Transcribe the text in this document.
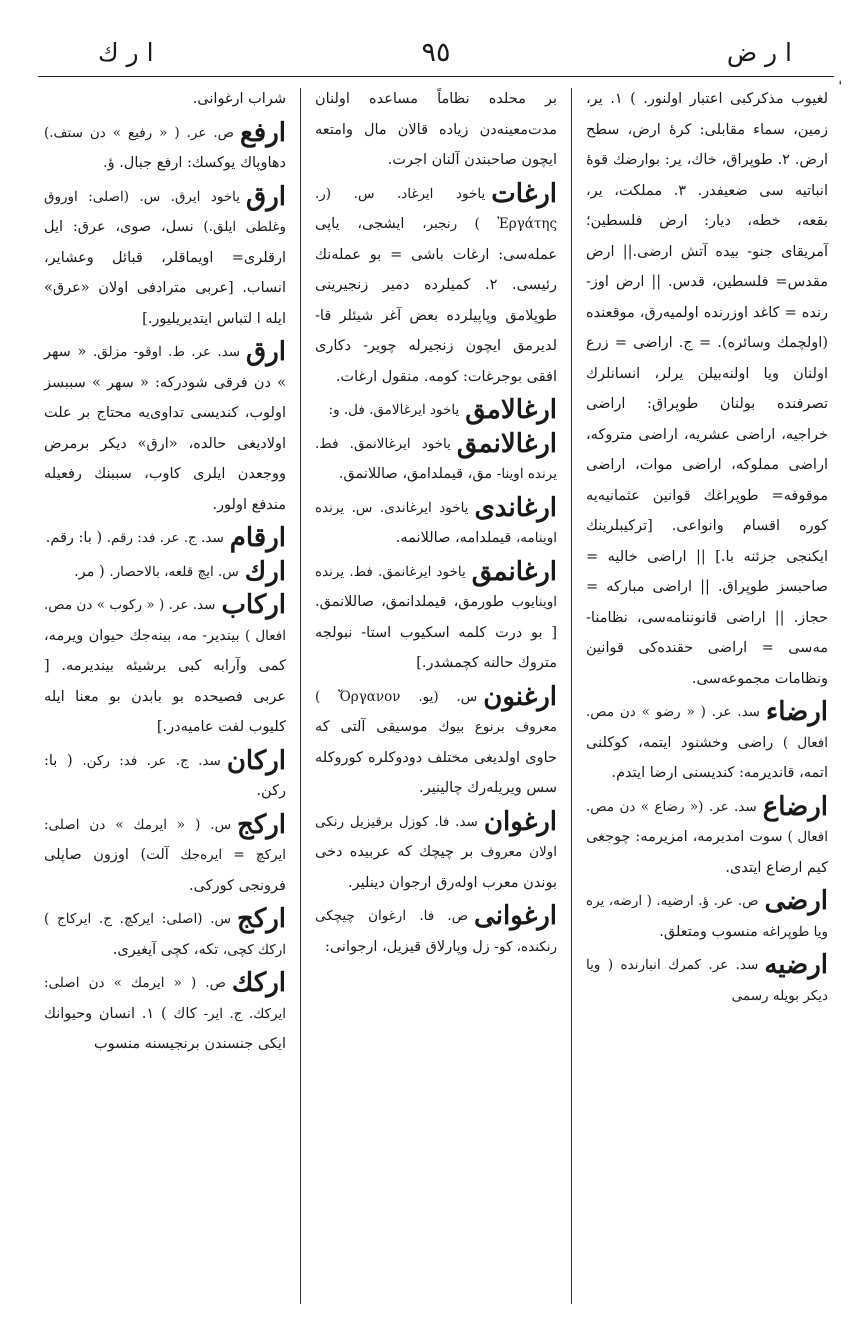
ا ر ض
٩٥
ا ر ك
ˈ
لغیوب مذکرکبی اعتبار اولنور. ) ١. یر، زمین، سماء مقابلی: کرهٔ ارض، سطح ارض. ٢. طوپراق، خاك، یر: بوارضك قوهٔ انباتیه سی ضعیفدر. ٣. مملکت، یر، بقعه، خطه، دیار: ارض فلسطین؛ آمریقای جنو- بیده آتش ارضی.|| ارض مقدس= فلسطین، قدس. || ارض اوز- رنده = کاغد اوزرنده اولمیه‌رق، موقعنده (اولچمك وسائره). = ج. اراضی = زرع اولنان ویا اولنه‌بیلن یرلر، انسانلرك تصرفنده بولنان طوپراق: اراضی خراجیه، اراضی عشریه، اراضی متروکه، اراضی مملوکه، اراضی موات، اراضی موقوفه= طوپراغك قوانین عثمانیه‌یه کوره اقسام وانواعی. [ترکیبلرینك ایکنجی جزئنه با.] || اراضی خالیه = صاحبسز طوپراق. || اراضی مبارکه = حجاز. || اراضی قانوننامه‌سی، نظامنا- مه‌سی = اراضی حقنده‌کی قوانین ونظامات مجموعه‌سی.
ارضاء
سد. عر. ( « رضو » دن مص. افعال ) راضی وخشنود ایتمه، کوکلنی اتمه، قاندیرمه: کندیسنی ارضا ایتدم.
ارضاع
سد. عر. (« رضاع » دن مص. افعال ) سوت امدیرمه، امزیرمه: چوجغی کیم ارضاع ایتدی.
ارضی
ص. عر. ؤ. ارضیه. ( ارضه، یره ویا طوپراغه منسوب ومتعلق.
ارضیه
سد. عر. کمرك انبارنده ( ویا دیکر بویله رسمی
بر محلده نظاماً مساعده اولنان مدت‌معینه‌دن زیاده قالان مال وامتعه ایچون صاحبندن آلنان اجرت.
ارغات
یاخود ایرغاد. س. (ر. Ἐργάτης ) رنجبر، ایشجی، یاپی عمله‌سی: ارغات باشی = بو عمله‌نك رئیسی. ٢. کمیلرده دمیر زنجیرینی طوپلامق وپاپیلرده بعض آغر شیئلر قا- لدیرمق ایچون زنجیرله چویر- دکاری افقی بوجرغات: کومه. منقول ارغات.
ارغالامق
یاخود ایرغالامق. فل. و:
ارغالانمق
یاخود ایرغالانمق. فط. یرنده اوینا- مق، قیملدامق، صاللانمق.
ارغاندی
یاخود ایرغاندی. س. یرنده اوینامه، قیملدامه، صاللانمه.
ارغانمق
یاخود ایرغانمق. فط. یرنده اوینایوب طورمق، قیملدانمق، صاللانمق. [ بو درت کلمه اسکیوب استا- نبولجه متروك حالنه کچمشدر.]
ارغنون
س. (یو. Ὄργανον ) معروف برنوع بیوك موسیقی آلتی که حاوی اولدیغی مختلف دودوکلره کوروکله سس ویریله‌رك چالینیر.
ارغوان
سد. فا. کوزل برقیزیل رنکی اولان معروف بر چیچك که عربیده دخی بوندن معرب اوله‌رق ارجوان دینلیر.
ارغوانی
ص. فا. ارغوان چیچکی رنکنده، کو- زل وپارلاق قیزیل، ارجوانی:
شراب ارغوانی.
ارفع
ص. عر. ( « رفیع » دن ستف.) دهاوپاك یوكسك: ارفع جبال. ؤ.
ارق
یاخود ایرق. س. (اصلی: اوروق وغلطی ایلق.) نسل، صوی، عرق: ایل ارقلری= اویماقلر، قبائل وعشایر، انساب. [عربی مترادفی اولان «عرق» ایله ا لتباس ایتدیریلیور.]
ارق
سد. عر. ط. اوقو- مزلق. « سهر » دن فرقی شودرکه: « سهر » سببسز اولوب، کندیسی تداوی‌یه محتاج بر علت اولادیغی حالده، «ارق» دیکر برمرض ووجعدن ایلری کاوب، سببنك رفعیله مندفع اولور.
ارقام
سد. ج. عر. فد: رقم. ( با: رقم.
ارك
س. ایچ قلعه، بالاحصار. ( مر.
ارکاب
سد. عر. ( « رکوب » دن مص. افعال ) بیندیر- مه، بینه‌جك حیوان ویرمه، کمی وآرابه کبی برشیئه بیندیرمه. [ عربی فصیحده بو بابدن بو معنا ایله کلیوب لفت عامیه‌در.]
ارکان
سد. ج. عر. فد: رکن. ( با: رکن.
ارکج
س. ( « ایرمك » دن اصلی: ایرکچ = ایره‌جك آلت) اوزون صاپلی فرونجی کوركی.
ارکج
س. (اصلی: ایرکچ. ج. ایرکاج ) ارکك کچی، تکه، کچی آیغیری.
ارکك
ص. ( « ایرمك » دن اصلی: ایرکك. ج. ایر- کاك ) ١. انسان وحیوانك ایکی جنسندن برنجیسنه منسوب
